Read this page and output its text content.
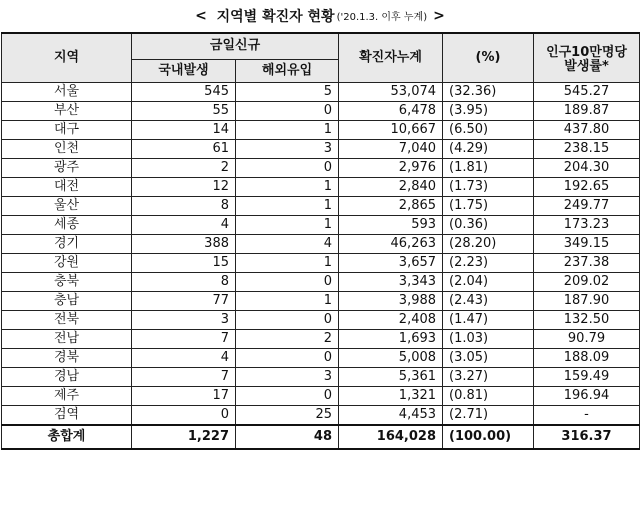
<
지역별 확진자 현황 ('20.1.3. 이후 누계) >
지역	금일신규		확진자누계	(%)	인구10만명당
발생률*

	국내발생	해외유입			
서울	545	5	53,074	(32.36)	545.27
부산	55	0	6,478	(3.95)	189.87
대구	14	1	10,667	(6.50)	437.80
인천	61	3	7,040	(4.29)	238.15
광주	2	0	2,976	(1.81)	204.30
대전	12	1	2,840	(1.73)	192.65
울산	8	1	2,865	(1.75)	249.77
세종	4	1	593	(0.36)	173.23
경기	388	4	46,263	(28.20)	349.15
강원	15	1	3,657	(2.23)	237.38
충북	8	0	3,343	(2.04)	209.02
충남	77	1	3,988	(2.43)	187.90
전북	3	0	2,408	(1.47)	132.50
전남	7	2	1,693	(1.03)	90.79
경북	4	0	5,008	(3.05)	188.09
경남	7	3	5,361	(3.27)	159.49
제주	17	0	1,321	(0.81)	196.94
검역	0	25	4,453	(2.71)	-
총합계	1,227	48	164,028	(100.00)	316.37
